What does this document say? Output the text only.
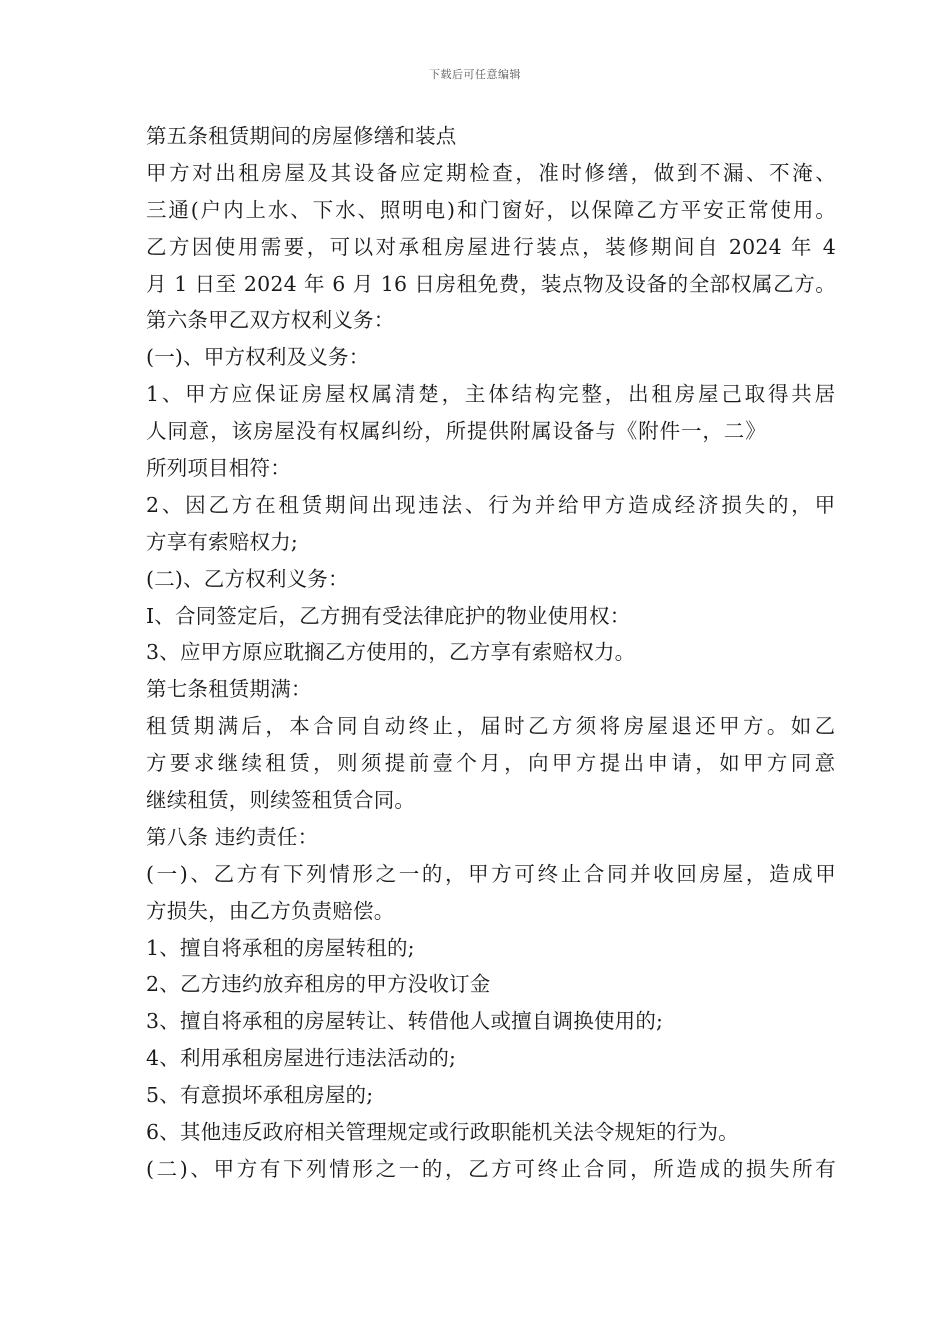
下载后可任意编辑
第五条租赁期间的房屋修缮和装点
甲方对出租房屋及其设备应定期检查，准时修缮，做到不漏、不淹、
三通(户内上水、下水、照明电)和门窗好，以保障乙方平安正常使用。
乙方因使用需要，可以对承租房屋进行装点，装修期间自 2024 年 4
月 1 日至 2024 年 6 月 16 日房租免费，装点物及设备的全部权属乙方。
第六条甲乙双方权利义务：
(一)、甲方权利及义务：
1、甲方应保证房屋权属清楚，主体结构完整，出租房屋己取得共居
人同意，该房屋没有权属纠纷，所提供附属设备与《附件一，二》
所列项目相符：
2、因乙方在租赁期间出现违法、行为并给甲方造成经济损失的，甲
方享有索赔权力;
(二)、乙方权利义务：
I、合同签定后，乙方拥有受法律庇护的物业使用权：
3、应甲方原应耽搁乙方使用的，乙方享有索赔权力。
第七条租赁期满：
租赁期满后，本合同自动终止，届时乙方须将房屋退还甲方。如乙
方要求继续租赁，则须提前壹个月，向甲方提出申请，如甲方同意
继续租赁，则续签租赁合同。
第八条 违约责任：
(一)、乙方有下列情形之一的，甲方可终止合同并收回房屋，造成甲
方损失，由乙方负责赔偿。
1、擅自将承租的房屋转租的;
2、乙方违约放弃租房的甲方没收订金
3、擅自将承租的房屋转让、转借他人或擅自调换使用的;
4、利用承租房屋进行违法活动的;
5、有意损坏承租房屋的;
6、其他违反政府相关管理规定或行政职能机关法令规矩的行为。
(二)、甲方有下列情形之一的，乙方可终止合同，所造成的损失所有
